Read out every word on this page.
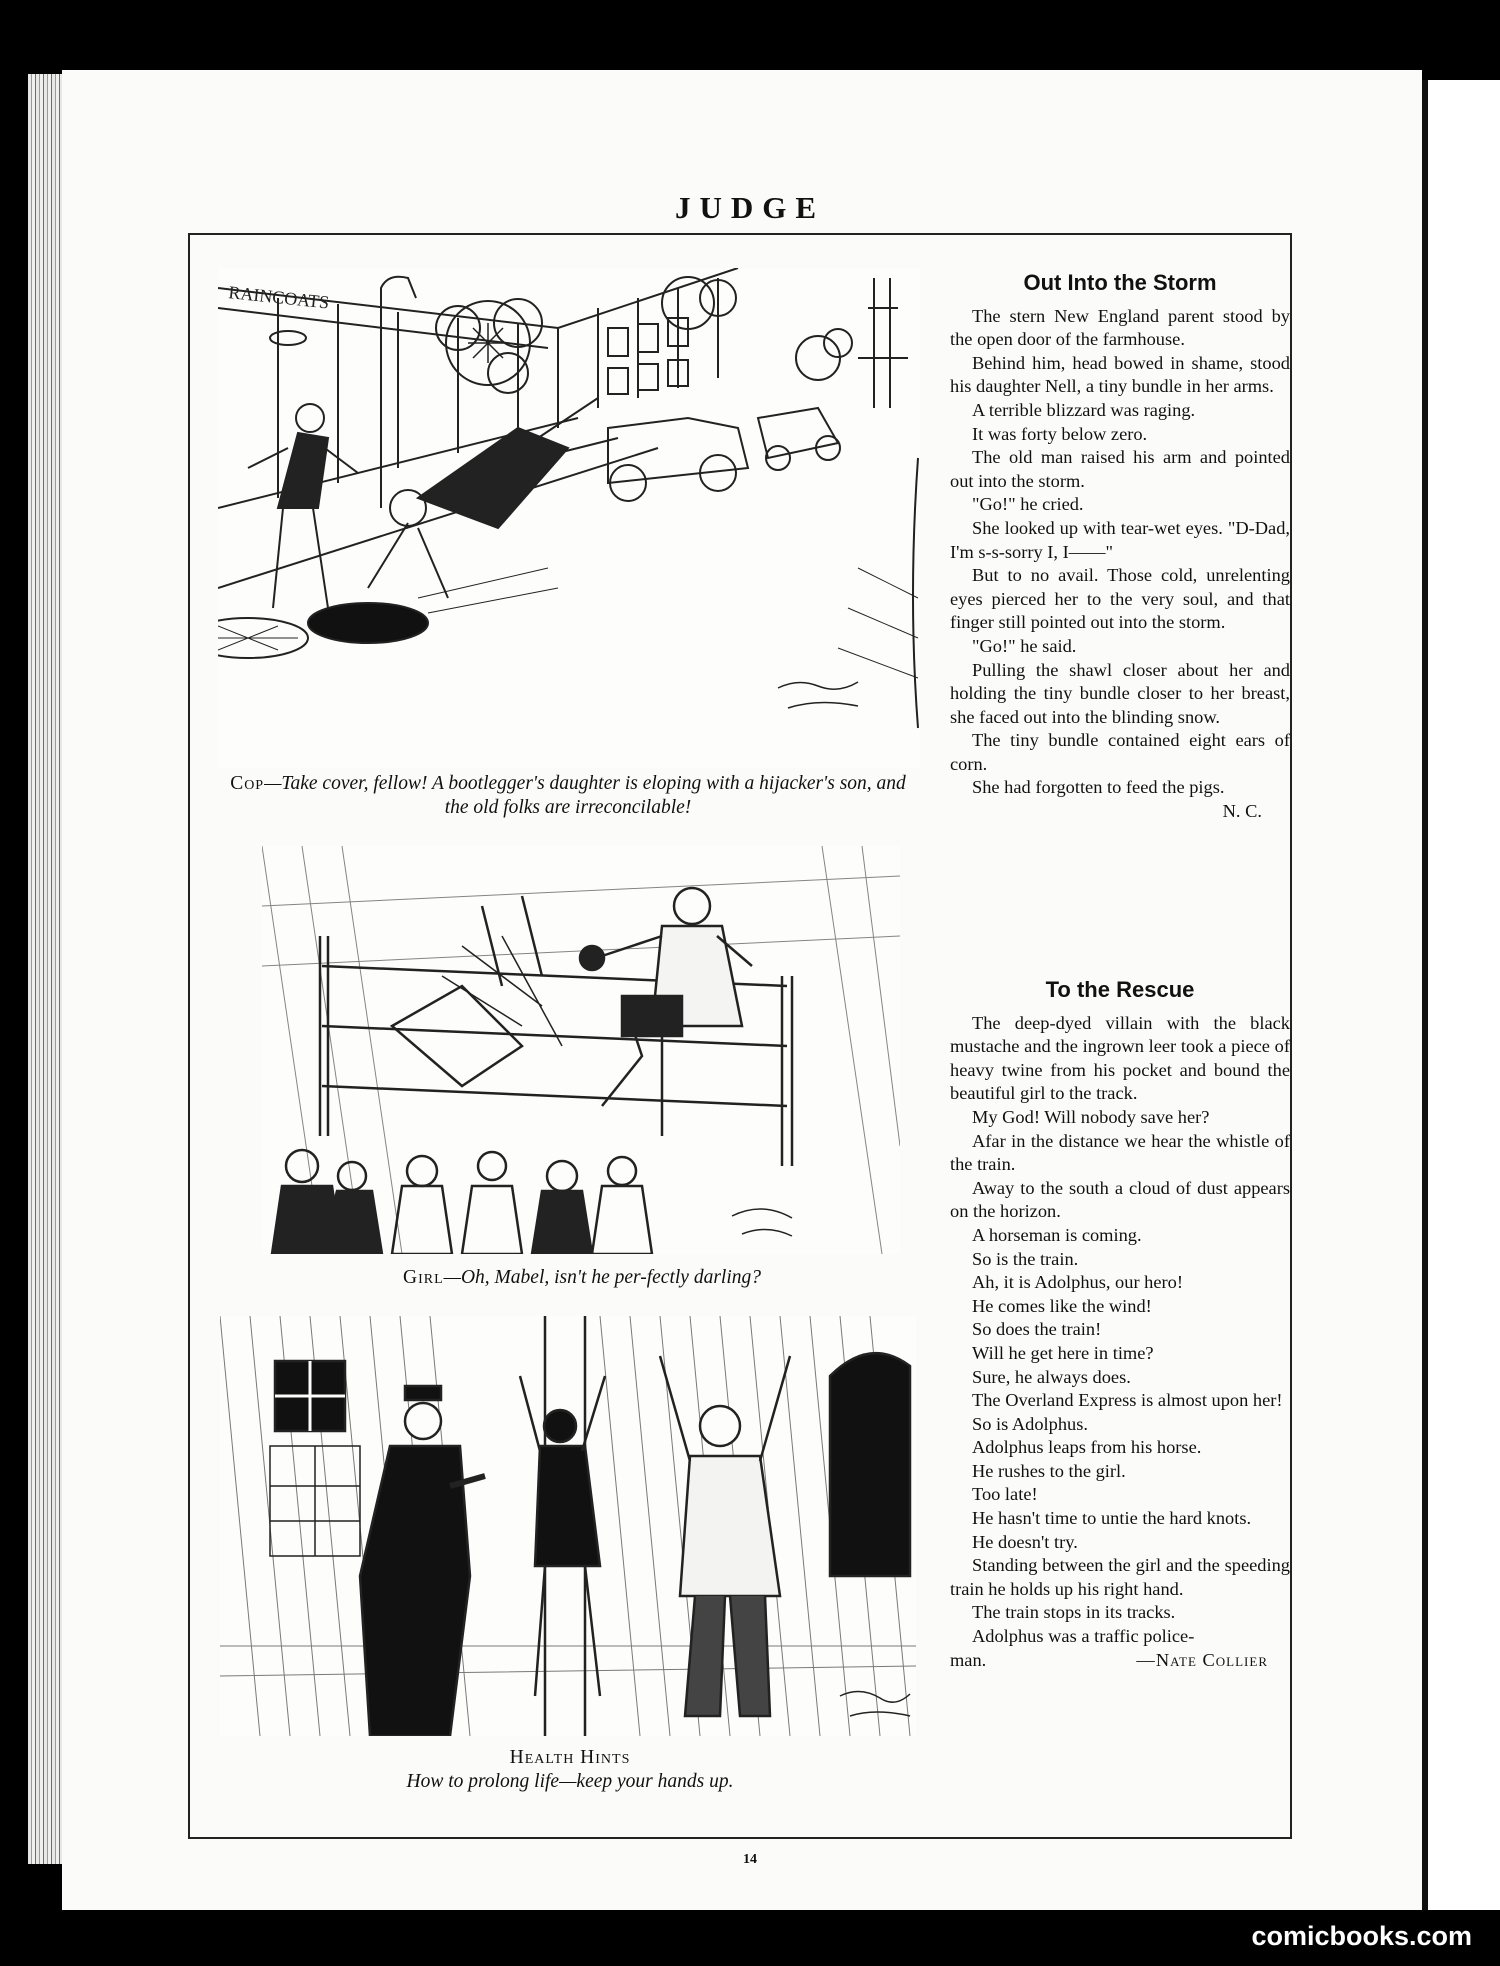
JUDGE
RAINCOATS
Cop—Take cover, fellow! A bootlegger's daughter is eloping with a hijacker's son, and the old folks are irreconcilable!
Girl—Oh, Mabel, isn't he per-fectly darling?
Health Hints
How to prolong life—keep your hands up.
Out Into the Storm

The stern New England parent stood by the open door of the farmhouse.

Behind him, head bowed in shame, stood his daughter Nell, a tiny bundle in her arms.

A terrible blizzard was raging.

It was forty below zero.

The old man raised his arm and pointed out into the storm.

"Go!" he cried.

She looked up with tear-wet eyes. "D-Dad, I'm s-s-sorry I, I——"

But to no avail. Those cold, unrelenting eyes pierced her to the very soul, and that finger still pointed out into the storm.

"Go!" he said.

Pulling the shawl closer about her and holding the tiny bundle closer to her breast, she faced out into the blinding snow.

The tiny bundle contained eight ears of corn.

She had forgotten to feed the pigs.

N. C.

To the Rescue

The deep-dyed villain with the black mustache and the ingrown leer took a piece of heavy twine from his pocket and bound the beautiful girl to the track.

My God! Will nobody save her?

Afar in the distance we hear the whistle of the train.

Away to the south a cloud of dust appears on the horizon.

A horseman is coming.

So is the train.

Ah, it is Adolphus, our hero!

He comes like the wind!

So does the train!

Will he get here in time?

Sure, he always does.

The Overland Express is almost upon her!

So is Adolphus.

Adolphus leaps from his horse.

He rushes to the girl.

Too late!

He hasn't time to untie the hard knots.

He doesn't try.

Standing between the girl and the speeding train he holds up his right hand.

The train stops in its tracks.

Adolphus was a traffic police-

man.	—Nate Collier

14
comicbooks.com
